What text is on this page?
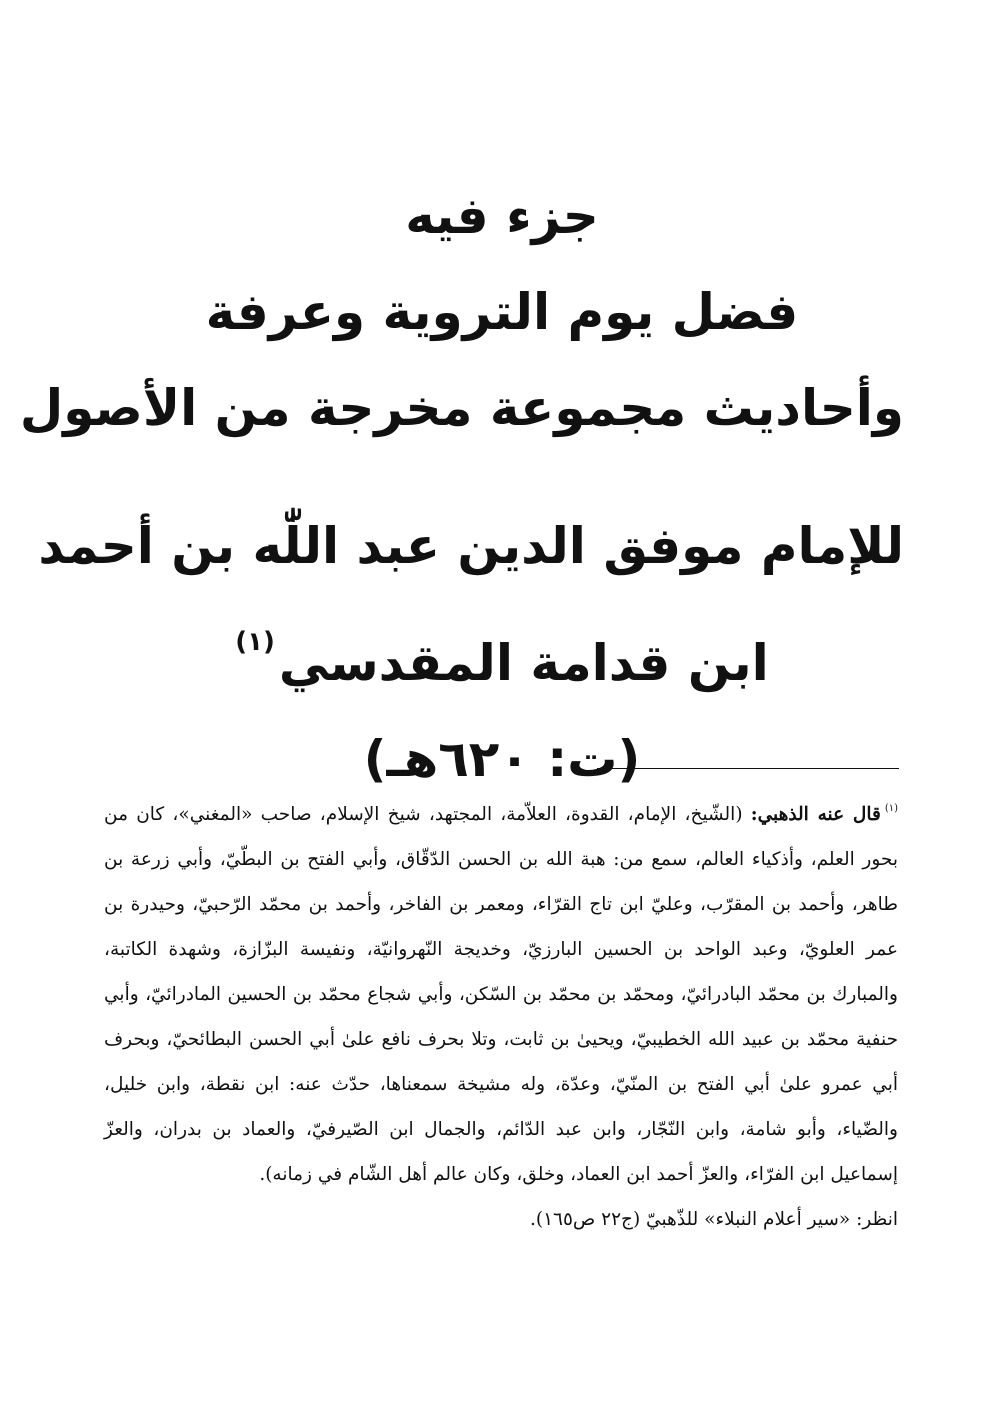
جزء فيه

فضل يوم التروية وعرفة

وأحاديث مجموعة مخرجة من الأصول

للإمام موفق الدين عبد اللّٰه بن أحمد

ابن قدامة المقدسي$^{(١)}$

(ت: ٦٢٠هـ)

$^{(١)}$قال عنه الذهبي: (الشّيخ، الإمام، القدوة، العلاّمة، المجتهد، شيخ الإسلام، صاحب «المغني»، كان من بحور العلم، وأذكياء العالم، سمع من: هبة الله بن الحسن الدّقّاق، وأبي الفتح بن البطّيّ، وأبي زرعة بن طاهر، وأحمد بن المقرّب، وعليّ ابن تاج القرّاء، ومعمر بن الفاخر، وأحمد بن محمّد الرّحبيّ، وحيدرة بن عمر العلويّ، وعبد الواحد بن الحسين البارزيّ، وخديجة النّهروانيّة، ونفيسة البزّازة، وشهدة الكاتبة، والمبارك بن محمّد البادرائيّ، ومحمّد بن محمّد بن السّكن، وأبي شجاع محمّد بن الحسين المادرائيّ، وأبي حنفية محمّد بن عبيد الله الخطيبيّ، ويحيىٰ بن ثابت، وتلا بحرف نافع علىٰ أبي الحسن البطائحيّ، وبحرف أبي عمرو علىٰ أبي الفتح بن المنّيّ، وعدّة، وله مشيخة سمعناها، حدّث عنه: ابن نقطة، وابن خليل، والضّياء، وأبو شامة، وابن النّجّار، وابن عبد الدّائم، والجمال ابن الصّيرفيّ، والعماد بن بدران، والعزّ إسماعيل ابن الفرّاء، والعزّ أحمد ابن العماد، وخلق، وكان عالم أهل الشّام في زمانه).

انظر: «سير أعلام النبلاء» للذّهبيّ (ج٢٢ ص١٦٥).
